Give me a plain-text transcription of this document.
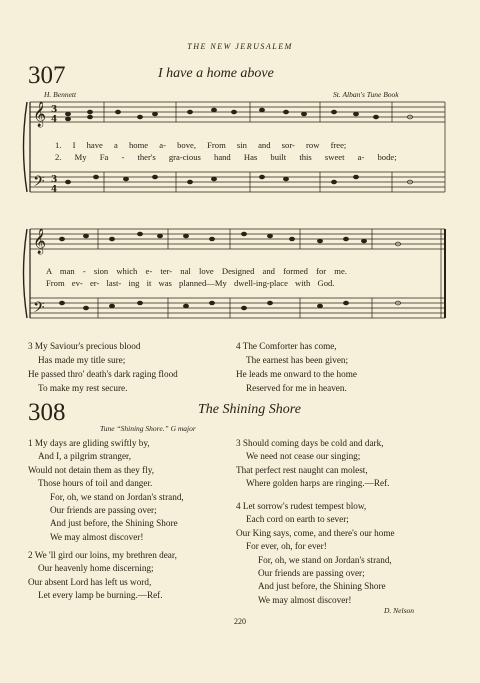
THE NEW JERUSALEM
307	I have a home above
H. Bennett	St. Alban's Tune Book
𝄞
𝄢
𝄞
𝄢
3
4
3
4
1. I have a home a- bove, From sin and sor- row free;
2. My Fa - ther's gra-cious hand Has built this sweet a- bode;
A man - sion which e- ter- nal love Designed and formed for me.
From ev- er- last- ing it was planned—My dwell-ing-place with God.
3 My Saviour's precious blood
Has made my title sure;
He passed thro' death's dark raging flood
To make my rest secure.
4 The Comforter has come,
The earnest has been given;
He leads me onward to the home
Reserved for me in heaven.
308	The Shining Shore
Tune “Shining Shore.” G major
1 My days are gliding swiftly by,
And I, a pilgrim stranger,
Would not detain them as they fly,
Those hours of toil and danger.
For, oh, we stand on Jordan's strand,
Our friends are passing over;
And just before, the Shining Shore
We may almost discover!
2 We 'll gird our loins, my brethren dear,
Our heavenly home discerning;
Our absent Lord has left us word,
Let every lamp be burning.—Ref.
3 Should coming days be cold and dark,
We need not cease our singing;
That perfect rest naught can molest,
Where golden harps are ringing.—Ref.
4 Let sorrow's rudest tempest blow,
Each cord on earth to sever;
Our King says, come, and there's our home
For ever, oh, for ever!
For, oh, we stand on Jordan's strand,
Our friends are passing over;
And just before, the Shining Shore
We may almost discover!
D. Nelson
220
